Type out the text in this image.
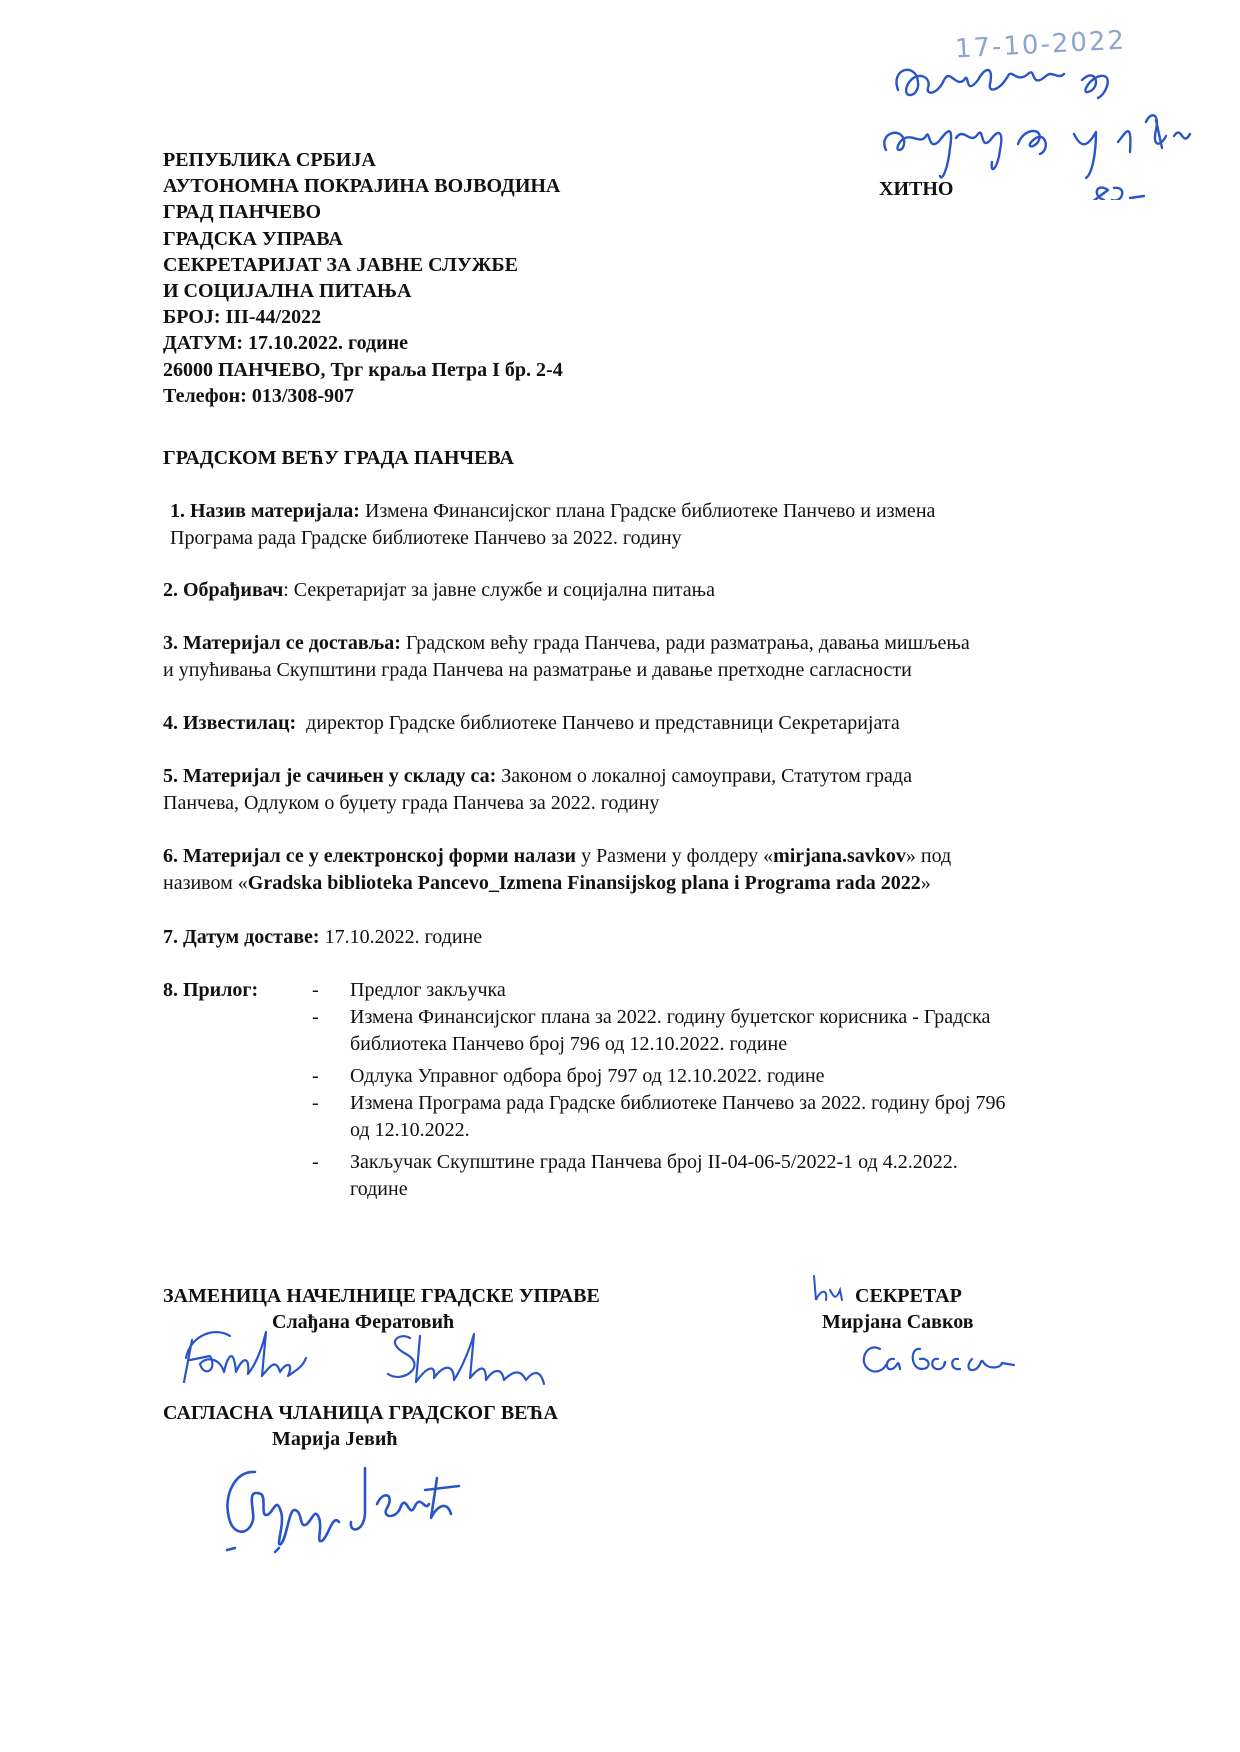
17-10-2022
РЕПУБЛИКА СРБИЈА
АУТОНОМНА ПОКРАЈИНА ВОЈВОДИНА
ГРАД ПАНЧЕВО
ГРАДСКА УПРАВА
СЕКРЕТАРИЈАТ ЗА ЈАВНЕ СЛУЖБЕ
И СОЦИЈАЛНА ПИТАЊА
БРОЈ: III-44/2022
ДАТУМ: 17.10.2022. године
26000 ПАНЧЕВО, Трг краља Петра I бр. 2-4
Телефон: 013/308-907
ХИТНО
ГРАДСКОМ ВЕЋУ ГРАДА ПАНЧЕВА
1. Назив материјала: Измена Финансијског плана Градске библиотеке Панчево и измена
Програма рада Градске библиотеке Панчево за 2022. годину
2. Обрађивач: Секретаријат за јавне службе и социјална питања
3. Материјал се доставља: Градском већу града Панчева, ради разматрања, давања мишљења
и упућивања Скупштини града Панчева на разматрање и давање претходне сагласности
4. Известилац:  директор Градске библиотеке Панчево и представници Секретаријата
5. Материјал је сачињен у складу са: Законом о локалној самоуправи, Статутом града
Панчева, Одлуком о буџету града Панчева за 2022. годину
6. Материјал се у електронској форми налази у Размени у фолдеру «mirjana.savkov» под
називом «Gradska biblioteka Pancevo_Izmena Finansijskog plana i Programa rada 2022»
7. Датум доставе: 17.10.2022. године
8. Прилог:	- Предлог закључка
- Измена Финансијског плана за 2022. годину буџетског корисника - Градска
библиотека Панчево број 796 од 12.10.2022. године
- Одлука Управног одбора број 797 од 12.10.2022. године
- Измена Програма рада Градске библиотеке Панчево за 2022. годину број 796
од 12.10.2022.
- Закључак Скупштине града Панчева број II-04-06-5/2022-1 од 4.2.2022.
године
ЗАМЕНИЦА НАЧЕЛНИЦЕ ГРАДСКЕ УПРАВЕ
Слађана Фератовић
СЕКРЕТАР
Мирјана Савков
САГЛАСНА ЧЛАНИЦА ГРАДСКОГ ВЕЋА
Марија Јевић
